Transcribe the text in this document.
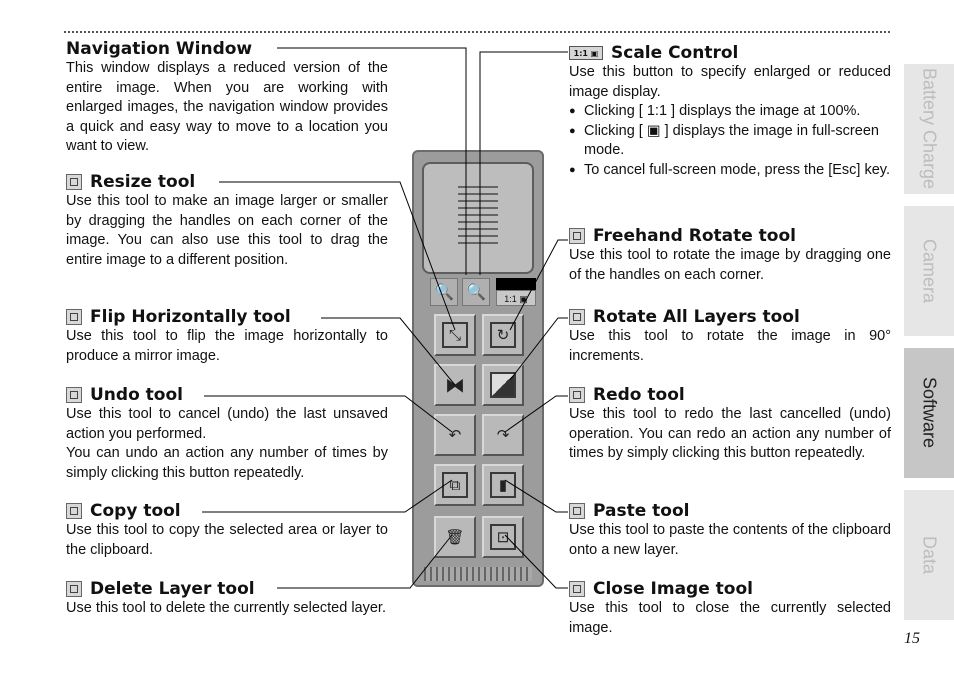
Navigation Window

This window displays a reduced version of the entire image. When you are working with enlarged images, the navigation window provides a quick and easy way to move to a location you want to view.

Resize tool

Use this tool to make an image larger or smaller by dragging the handles on each corner of the image. You can also use this tool to drag the entire image to a different position.

Flip Horizontally tool

Use this tool to flip the image horizontally to produce a mirror image.

Undo tool

Use this tool to cancel (undo) the last unsaved action you performed.

You can undo an action any number of times by simply clicking this button repeatedly.

Copy tool

Use this tool to copy the selected area or layer to the clipboard.

Delete Layer tool

Use this tool to delete the currently selected layer.

1:1 ▣ Scale Control

Use this button to specify enlarged or reduced image display.

● Clicking [ 1:1 ] displays the image at 100%.
● Clicking [ ▣ ] displays the image in full-screen mode.
● To cancel full-screen mode, press the [Esc] key.
Freehand Rotate tool

Use this tool to rotate the image by dragging one of the handles on each corner.

Rotate All Layers tool

Use this tool to rotate the image in 90° increments.

Redo tool

Use this tool to redo the last cancelled (undo) operation. You can redo an action any number of times by simply clicking this button repeatedly.

Paste tool

Use this tool to paste the contents of the clipboard onto a new layer.

Close Image tool

Use this tool to close the currently selected image.

🔍 🔍	1:1 ▣
⤡	↻
⧓
↶	↷
⧉	▮
🗑	⊡
Battery Charge
Camera
Software
Data
15
